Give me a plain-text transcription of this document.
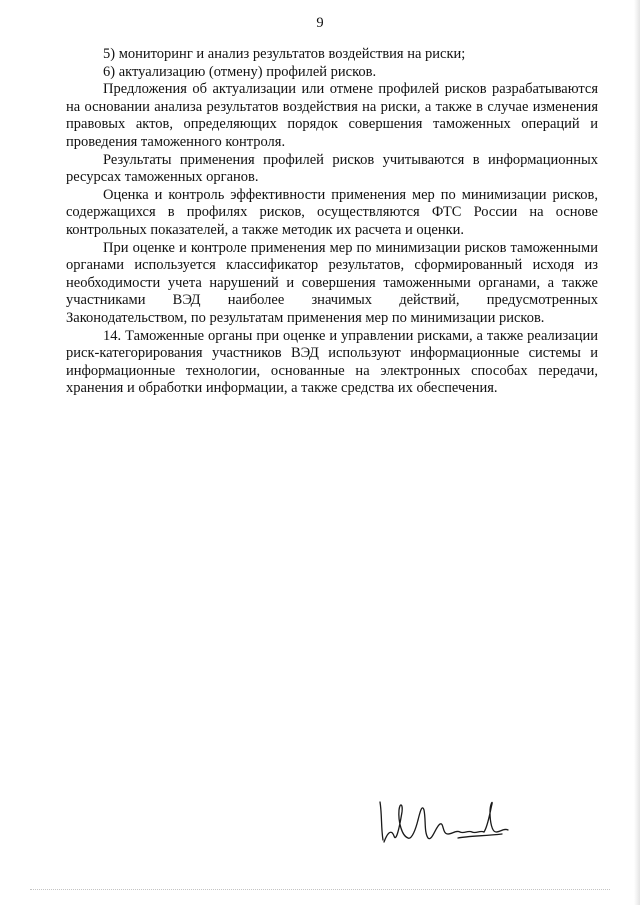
9

5) мониторинг и анализ результатов воздействия на риски;

6) актуализацию (отмену) профилей рисков.

Предложения об актуализации или отмене профилей рисков разрабатываются на основании анализа результатов воздействия на риски, а также в случае изменения правовых актов, определяющих порядок совершения таможенных операций и проведения таможенного контроля.

Результаты применения профилей рисков учитываются в информационных ресурсах таможенных органов.

Оценка и контроль эффективности применения мер по минимизации рисков, содержащихся в профилях рисков, осуществляются ФТС России на основе контрольных показателей, а также методик их расчета и оценки.

При оценке и контроле применения мер по минимизации рисков таможенными органами используется классификатор результатов, сформированный исходя из необходимости учета нарушений и совершения таможенными органами, а также участниками ВЭД наиболее значимых действий, предусмотренных Законодательством, по результатам применения мер по минимизации рисков.

14. Таможенные органы при оценке и управлении рисками, а также реализации риск-категорирования участников ВЭД используют информационные системы и информационные технологии, основанные на электронных способах передачи, хранения и обработки информации, а также средства их обеспечения.
